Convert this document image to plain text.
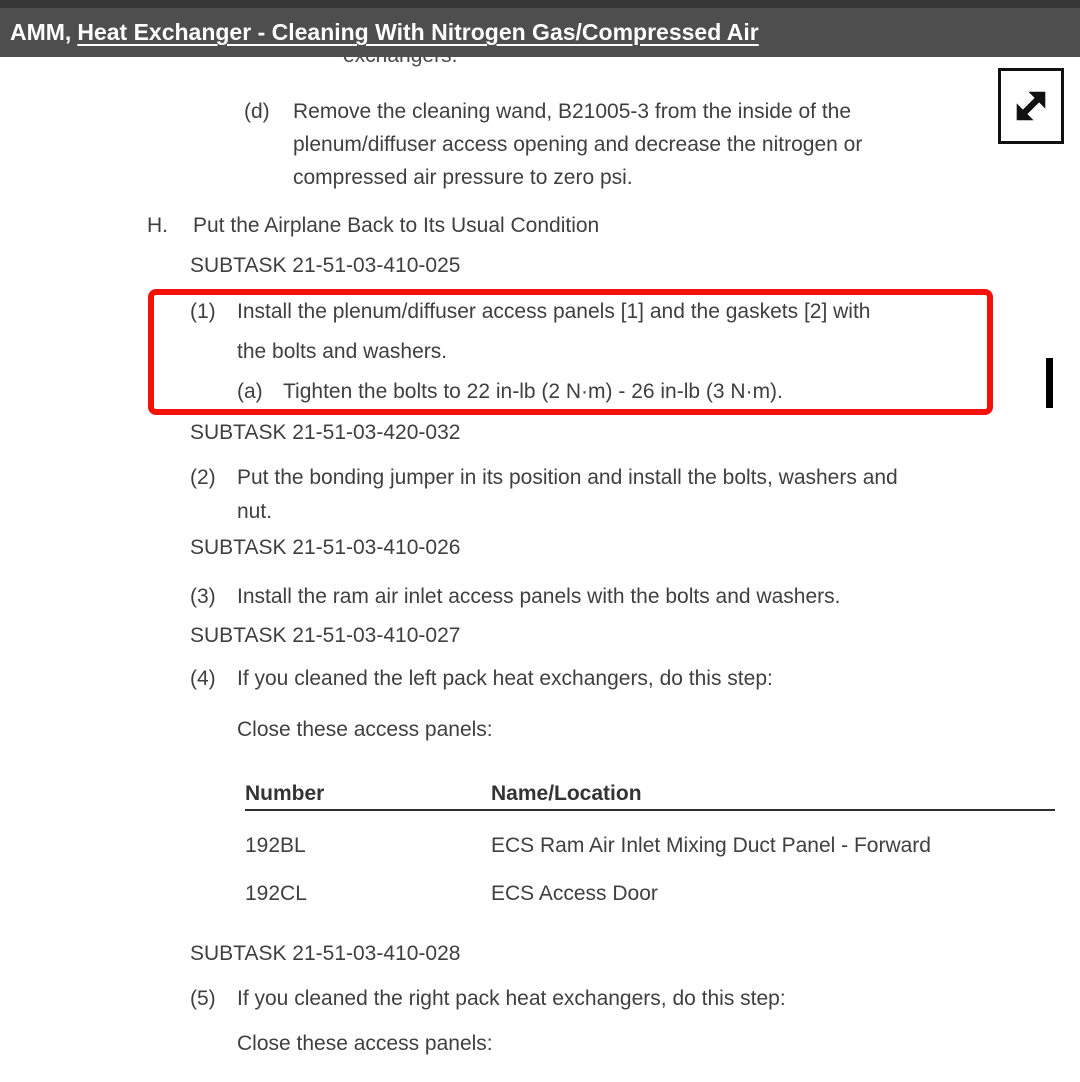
AMM, Heat Exchanger - Cleaning With Nitrogen Gas/Compressed Air
(d) Remove the cleaning wand, B21005-3 from the inside of the
plenum/diffuser access opening and decrease the nitrogen or
compressed air pressure to zero psi.
H. Put the Airplane Back to Its Usual Condition
SUBTASK 21-51-03-410-025
(1) Install the plenum/diffuser access panels [1] and the gaskets [2] with
the bolts and washers.
(a) Tighten the bolts to 22 in-lb (2 N·m) - 26 in-lb (3 N·m).
SUBTASK 21-51-03-420-032
(2) Put the bonding jumper in its position and install the bolts, washers and
nut.
SUBTASK 21-51-03-410-026
(3) Install the ram air inlet access panels with the bolts and washers.
SUBTASK 21-51-03-410-027
(4) If you cleaned the left pack heat exchangers, do this step:
Close these access panels:
Number	Name/Location
192BL	ECS Ram Air Inlet Mixing Duct Panel - Forward
192CL	ECS Access Door
SUBTASK 21-51-03-410-028
(5) If you cleaned the right pack heat exchangers, do this step:
Close these access panels:
